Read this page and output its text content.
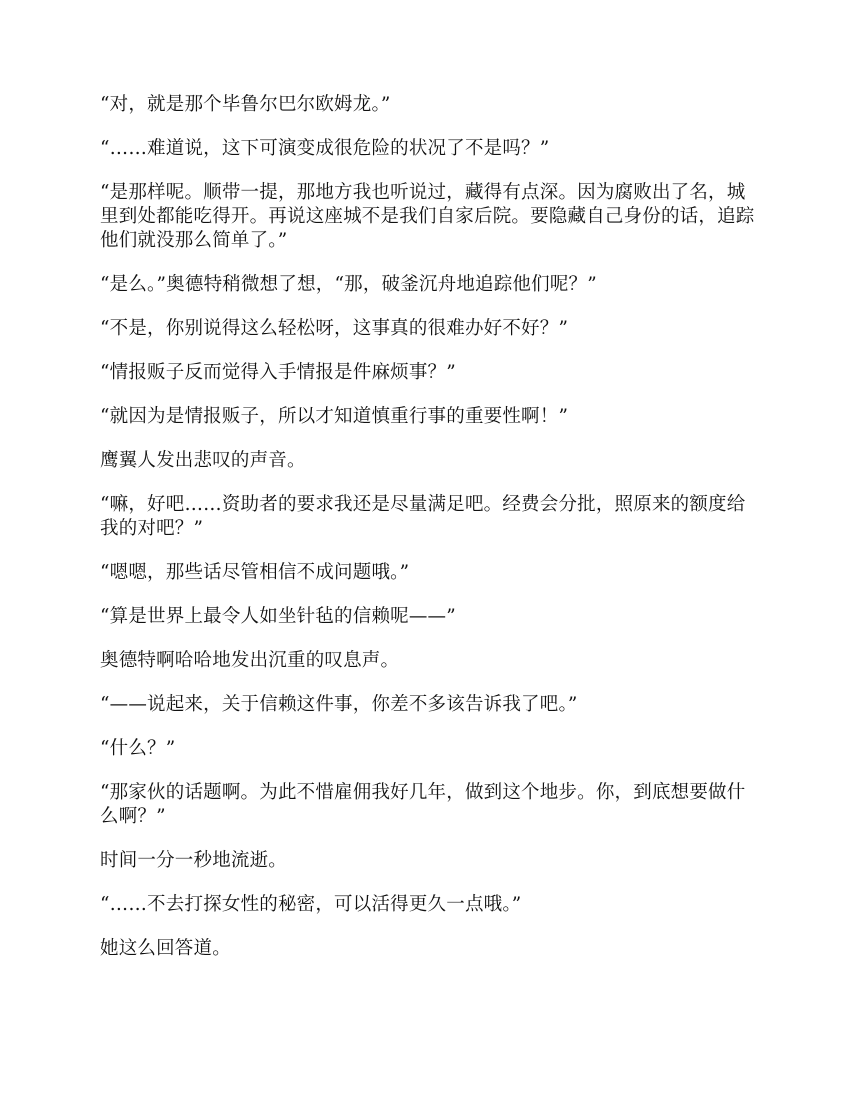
“对，就是那个毕鲁尔巴尔欧姆龙。”

“……难道说，这下可演变成很危险的状况了不是吗？”

“是那样呢。顺带一提，那地方我也听说过，藏得有点深。因为腐败出了名，城里到处都能吃得开。再说这座城不是我们自家后院。要隐藏自己身份的话，追踪他们就没那么简单了。”

“是么。”奥德特稍微想了想，“那，破釜沉舟地追踪他们呢？”

“不是，你别说得这么轻松呀，这事真的很难办好不好？”

“情报贩子反而觉得入手情报是件麻烦事？”

“就因为是情报贩子，所以才知道慎重行事的重要性啊！”

鹰翼人发出悲叹的声音。

“嘛，好吧……资助者的要求我还是尽量满足吧。经费会分批，照原来的额度给我的对吧？”

“嗯嗯，那些话尽管相信不成问题哦。”

“算是世界上最令人如坐针毡的信赖呢——”

奥德特啊哈哈地发出沉重的叹息声。

“——说起来，关于信赖这件事，你差不多该告诉我了吧。”

“什么？”

“那家伙的话题啊。为此不惜雇佣我好几年，做到这个地步。你，到底想要做什么啊？”

时间一分一秒地流逝。

“……不去打探女性的秘密，可以活得更久一点哦。”

她这么回答道。
